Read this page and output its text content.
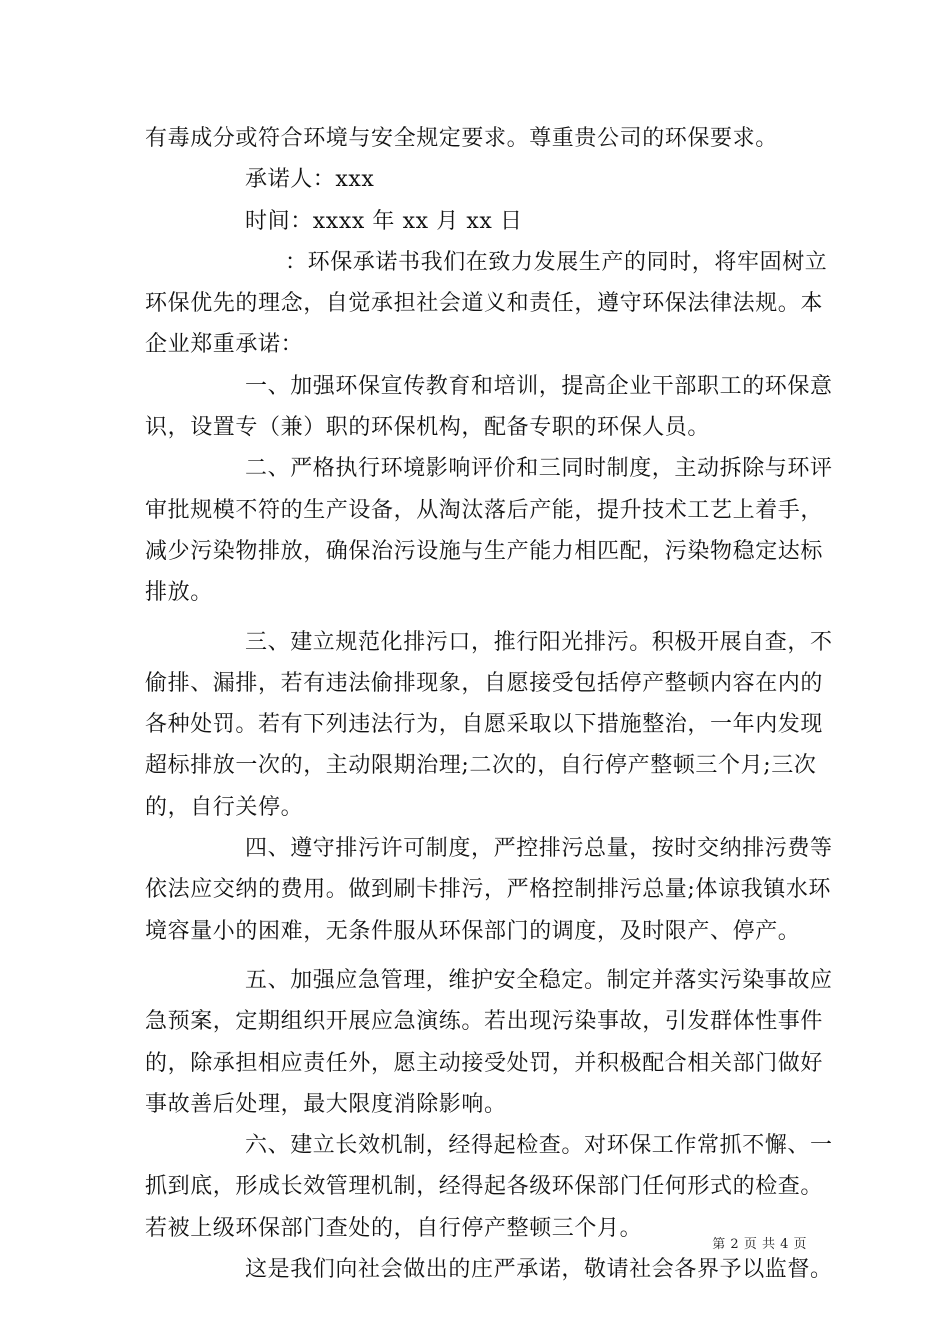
有毒成分或符合环境与安全规定要求。尊重贵公司的环保要求。

承诺人：xxx

时间：xxxx 年 xx 月 xx 日

：环保承诺书我们在致力发展生产的同时，将牢固树立环保优先的理念，自觉承担社会道义和责任，遵守环保法律法规。本企业郑重承诺：

一、加强环保宣传教育和培训，提高企业干部职工的环保意识，设置专（兼）职的环保机构，配备专职的环保人员。

二、严格执行环境影响评价和三同时制度，主动拆除与环评审批规模不符的生产设备，从淘汰落后产能，提升技术工艺上着手，减少污染物排放，确保治污设施与生产能力相匹配，污染物稳定达标排放。

三、建立规范化排污口，推行阳光排污。积极开展自查，不偷排、漏排，若有违法偷排现象，自愿接受包括停产整顿内容在内的各种处罚。若有下列违法行为，自愿采取以下措施整治，一年内发现超标排放一次的，主动限期治理;二次的，自行停产整顿三个月;三次的，自行关停。

四、遵守排污许可制度，严控排污总量，按时交纳排污费等依法应交纳的费用。做到刷卡排污，严格控制排污总量;体谅我镇水环境容量小的困难，无条件服从环保部门的调度，及时限产、停产。

五、加强应急管理，维护安全稳定。制定并落实污染事故应急预案，定期组织开展应急演练。若出现污染事故，引发群体性事件的，除承担相应责任外，愿主动接受处罚，并积极配合相关部门做好事故善后处理，最大限度消除影响。

六、建立长效机制，经得起检查。对环保工作常抓不懈、一抓到底，形成长效管理机制，经得起各级环保部门任何形式的检查。若被上级环保部门查处的，自行停产整顿三个月。

这是我们向社会做出的庄严承诺，敬请社会各界予以监督。

第 2 页 共 4 页
